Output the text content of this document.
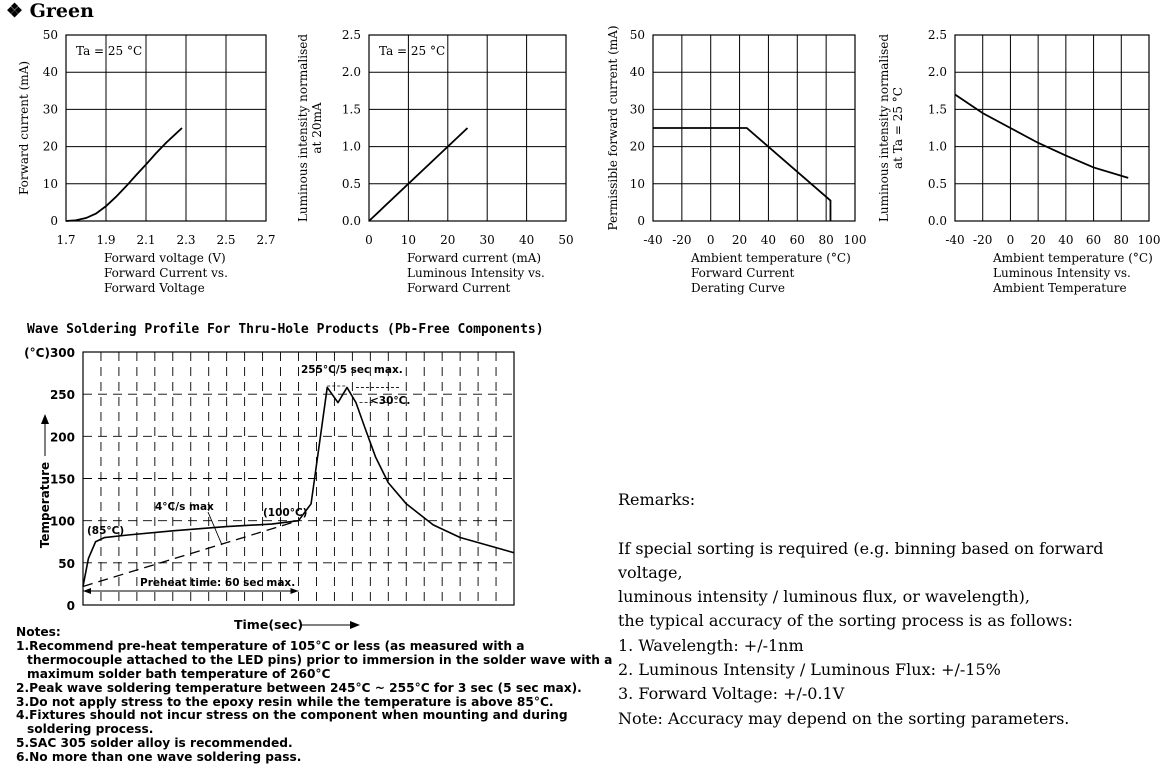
❖ Green
1.7 1.9 2.1 2.3 2.5 2.7
0
10
20
30
40
50
Ta = 25 °C
Forward current (mA)
Forward voltage (V)
Forward Current vs.
Forward Voltage
0 10 20 30 40 50
0.0
0.5
1.0
1.5
2.0
2.5
Ta = 25 °C
Luminous intensity normalised at 20mA
Forward current (mA)
Luminous Intensity vs.
Forward Current
-40 -20 0 20 40 60 80 100
0
10
20
30
40
50
Permissible forward current (mA)
Ambient temperature (°C)
Forward Current
Derating Curve
-40 -20 0 20 40 60 80 100
0.0
0.5
1.0
1.5
2.0
2.5
Luminous intensity normalised at Ta = 25 °C
Ambient temperature (°C)
Luminous Intensity vs.
Ambient Temperature
Wave Soldering Profile For Thru-Hole Products (Pb-Free Components)
0
50
100
150
200
250
(°C)300
Temperature
Time(sec)
255°C/5 sec max.
<30°C.
4°C/s max	(100°C)
(85°C)
Preheat time: 60 sec max.
Notes:
1.Recommend pre-heat temperature of 105°C or less (as measured with a thermocouple attached to the LED pins) prior to immersion in the solder wave with a maximum solder bath temperature of 260°C
2.Peak wave soldering temperature between 245°C ~ 255°C for 3 sec (5 sec max).
3.Do not apply stress to the epoxy resin while the temperature is above 85°C.
4.Fixtures should not incur stress on the component when mounting and during soldering process.
5.SAC 305 solder alloy is recommended.
6.No more than one wave soldering pass.
Remarks:
If special sorting is required (e.g. binning based on forward voltage,
luminous intensity / luminous flux, or wavelength),
the typical accuracy of the sorting process is as follows:
1. Wavelength: +/-1nm
2. Luminous Intensity / Luminous Flux: +/-15%
3. Forward Voltage: +/-0.1V
Note: Accuracy may depend on the sorting parameters.
